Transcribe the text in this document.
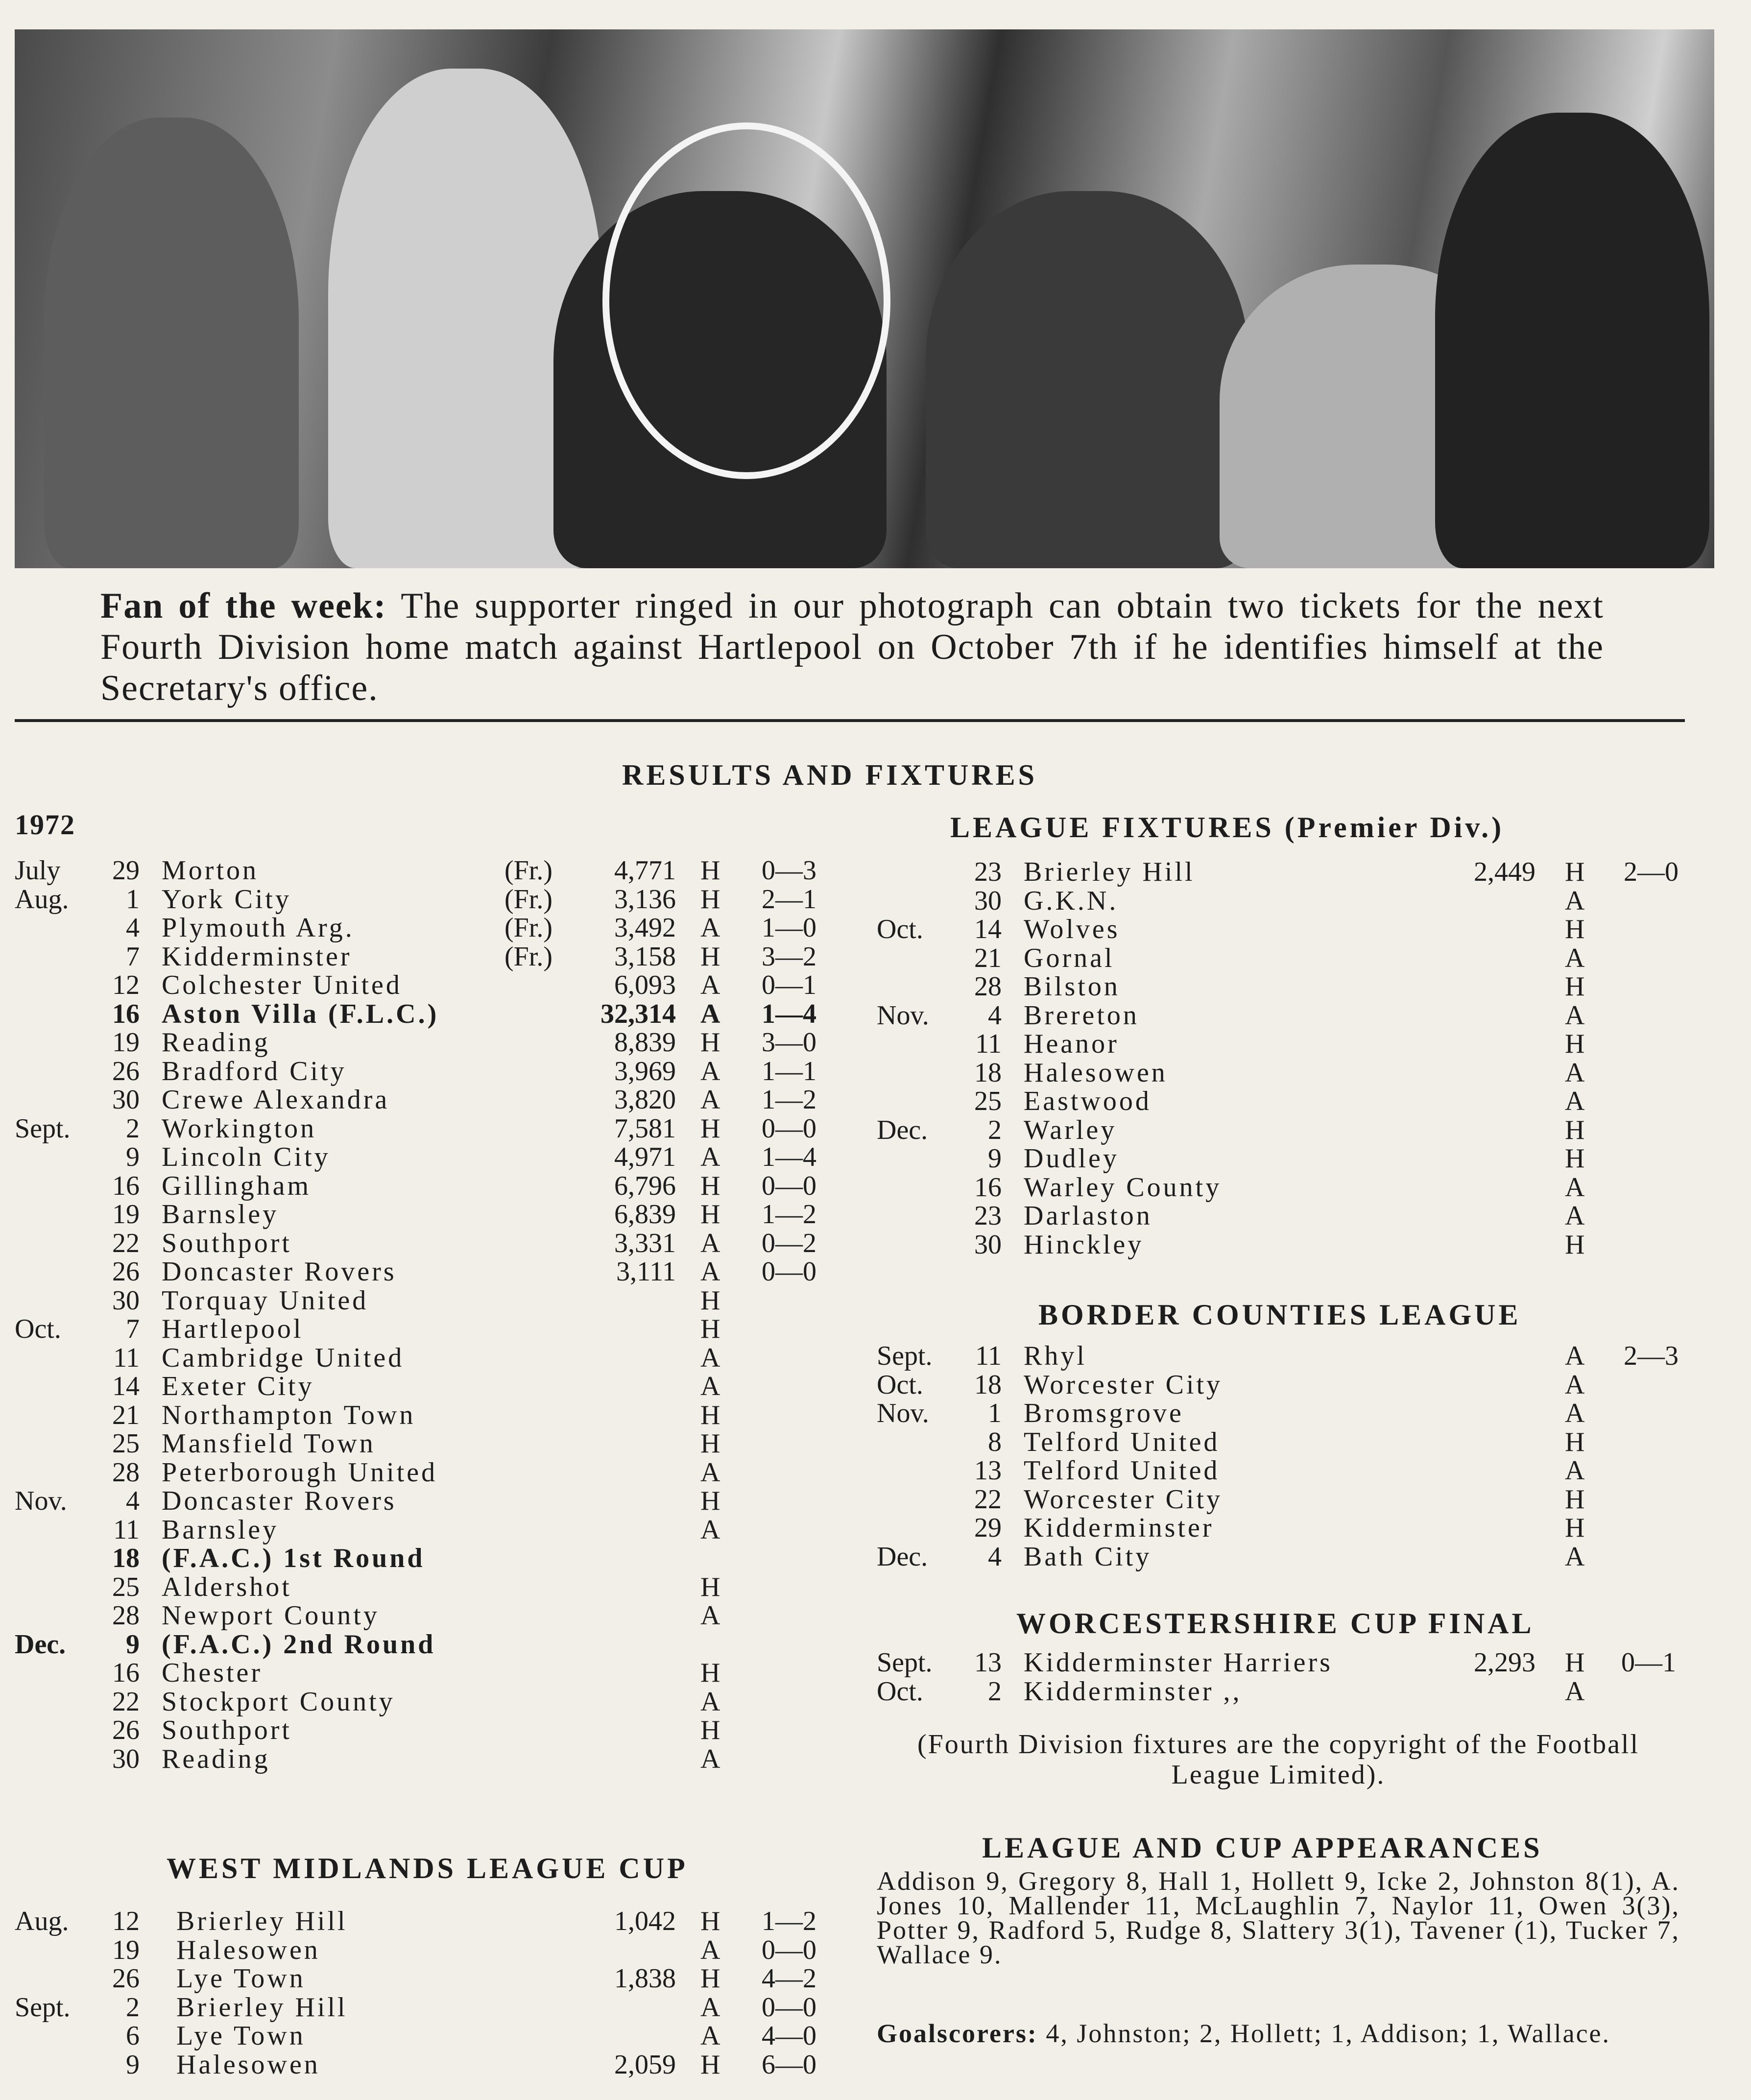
Fan of the week: The supporter ringed in our photograph can obtain two tickets for the next Fourth Division home match against Hartlepool on October 7th if he identifies himself at the Secretary's office.
RESULTS AND FIXTURES
1972	LEAGUE FIXTURES (Premier Div.)
BORDER COUNTIES LEAGUE
WORCESTERSHIRE CUP FINAL
WEST MIDLANDS LEAGUE CUP
LEAGUE AND CUP APPEARANCES
July 29 Morton	(Fr.) 4,771 H 0—3
Aug. 1 York City	(Fr.) 3,136 H 2—1
4 Plymouth Arg.	(Fr.) 3,492 A 1—0
7 Kidderminster	(Fr.) 3,158 H 3—2
12 Colchester United	6,093 A 0—1
16 Aston Villa (F.L.C.)	32,314 A 1—4
19 Reading	8,839 H 3—0
26 Bradford City	3,969 A 1—1
30 Crewe Alexandra	3,820 A 1—2
Sept. 2 Workington	7,581 H 0—0
9 Lincoln City	4,971 A 1—4
16 Gillingham	6,796 H 0—0
19 Barnsley	6,839 H 1—2
22 Southport	3,331 A 0—2
26 Doncaster Rovers	3,111 A 0—0
30 Torquay United	H
Oct. 7 Hartlepool	H
11 Cambridge United	A
14 Exeter City	A
21 Northampton Town	H
25 Mansfield Town	H
28 Peterborough United	A
Nov. 4 Doncaster Rovers	H
11 Barnsley	A
18 (F.A.C.) 1st Round
25 Aldershot	H
28 Newport County	A
Dec. 9 (F.A.C.) 2nd Round
16 Chester	H
22 Stockport County	A
26 Southport	H
30 Reading	A
Aug. 12 Brierley Hill	1,042 H 1—2
19 Halesowen	A 0—0
26 Lye Town	1,838 H 4—2
Sept. 2 Brierley Hill	A 0—0
6 Lye Town	A 4—0
9 Halesowen	2,059 H 6—0
23 Brierley Hill	2,449 H 2—0
30 G.K.N.	A
Oct. 14 Wolves	H
21 Gornal	A
28 Bilston	H
Nov. 4 Brereton	A
11 Heanor	H
18 Halesowen	A
25 Eastwood	A
Dec. 2 Warley	H
9 Dudley	H
16 Warley County	A
23 Darlaston	A
30 Hinckley	H
Sept. 11 Rhyl	A 2—3
Oct. 18 Worcester City	A
Nov. 1 Bromsgrove	A
8 Telford United	H
13 Telford United	A
22 Worcester City	H
29 Kidderminster	H
Dec. 4 Bath City	A
Sept. 13 Kidderminster Harriers	2,293 H 0—1
Oct. 2 Kidderminster ,,	A
(Fourth Division fixtures are the copyright of the Football League Limited).
Addison 9, Gregory 8, Hall 1, Hollett 9, Icke 2, Johnston 8(1), A. Jones 10, Mallender 11, McLaughlin 7, Naylor 11, Owen 3(3), Potter 9, Radford 5, Rudge 8, Slattery 3(1), Tavener (1), Tucker 7, Wallace 9.
Goalscorers: 4, Johnston; 2, Hollett; 1, Addison; 1, Wallace.
